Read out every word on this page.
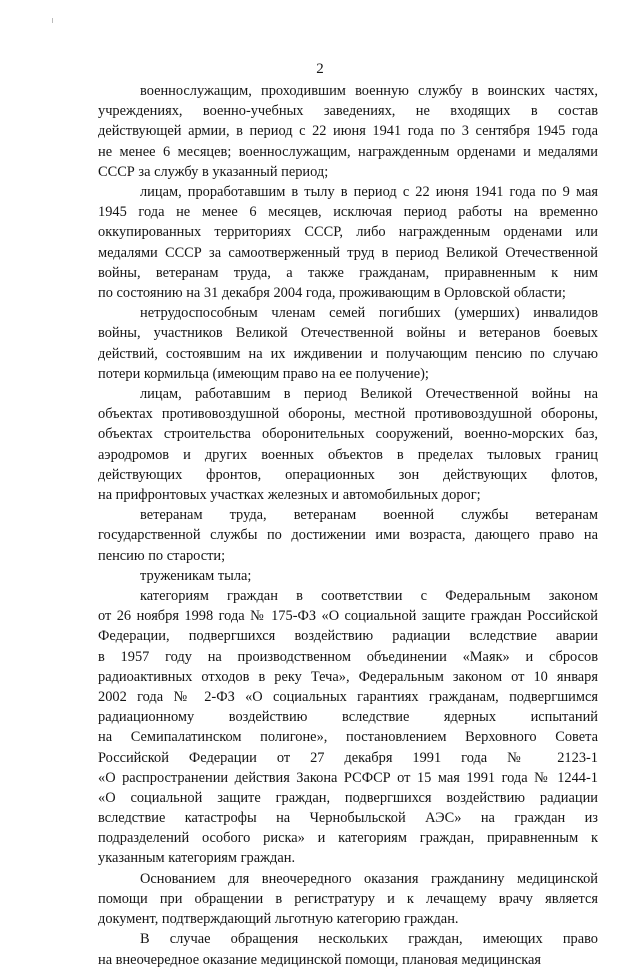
2
военнослужащим, проходившим военную службу в воинских частях,
учреждениях, военно-учебных заведениях, не входящих в состав
действующей армии, в период с 22 июня 1941 года по 3 сентября 1945 года
не менее 6 месяцев; военнослужащим, награжденным орденами и медалями
СССР за службу в указанный период;
лицам, проработавшим в тылу в период с 22 июня 1941 года по 9 мая
1945 года не менее 6 месяцев, исключая период работы на временно
оккупированных территориях СССР, либо награжденным орденами или
медалями СССР за самоотверженный труд в период Великой Отечественной
войны, ветеранам труда, а также гражданам, приравненным к ним
по состоянию на 31 декабря 2004 года, проживающим в Орловской области;
нетрудоспособным членам семей погибших (умерших) инвалидов
войны, участников Великой Отечественной войны и ветеранов боевых
действий, состоявшим на их иждивении и получающим пенсию по случаю
потери кормильца (имеющим право на ее получение);
лицам, работавшим в период Великой Отечественной войны на
объектах противовоздушной обороны, местной противовоздушной обороны,
объектах строительства оборонительных сооружений, военно-морских баз,
аэродромов и других военных объектов в пределах тыловых границ
действующих фронтов, операционных зон действующих флотов,
на прифронтовых участках железных и автомобильных дорог;
ветеранам труда, ветеранам военной службы ветеранам
государственной службы по достижении ими возраста, дающего право на
пенсию по старости;
труженикам тыла;
категориям граждан в соответствии с Федеральным законом
от 26 ноября 1998 года № 175-ФЗ «О социальной защите граждан Российской
Федерации, подвергшихся воздействию радиации вследствие аварии
в 1957 году на производственном объединении «Маяк» и сбросов
радиоактивных отходов в реку Теча», Федеральным законом от 10 января
2002 года № 2-ФЗ «О социальных гарантиях гражданам, подвергшимся
радиационному воздействию вследствие ядерных испытаний
на Семипалатинском полигоне», постановлением Верховного Совета
Российской Федерации от 27 декабря 1991 года № 2123-1
«О распространении действия Закона РСФСР от 15 мая 1991 года № 1244-1
«О социальной защите граждан, подвергшихся воздействию радиации
вследствие катастрофы на Чернобыльской АЭС» на граждан из
подразделений особого риска» и категориям граждан, приравненным к
указанным категориям граждан.
Основанием для внеочередного оказания гражданину медицинской
помощи при обращении в регистратуру и к лечащему врачу является
документ, подтверждающий льготную категорию граждан.
В случае обращения нескольких граждан, имеющих право
на внеочередное оказание медицинской помощи, плановая медицинская
